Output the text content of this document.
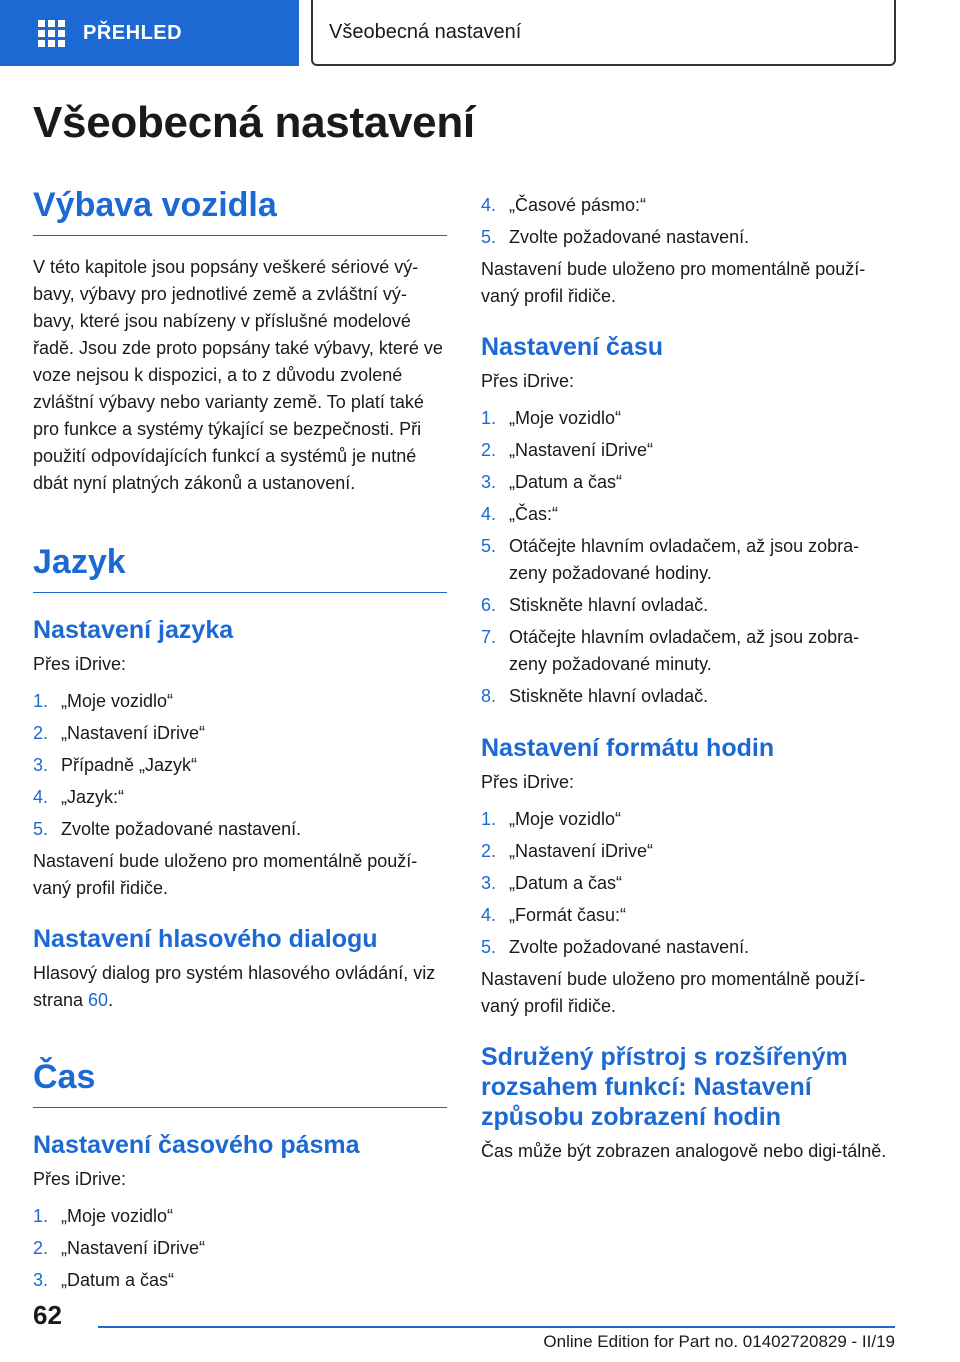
PŘEHLED	Všeobecná nastavení
Všeobecná nastavení
Výbava vozidla

V této kapitole jsou popsány veškeré sériové vý-bavy, výbavy pro jednotlivé země a zvláštní vý-bavy, které jsou nabízeny v příslušné modelové řadě. Jsou zde proto popsány také výbavy, které ve voze nejsou k dispozici, a to z důvodu zvolené zvláštní výbavy nebo varianty země. To platí také pro funkce a systémy týkající se bezpečnosti. Při použití odpovídajících funkcí a systémů je nutné dbát nyní platných zákonů a ustanovení.

Jazyk
Nastavení jazyka

Přes iDrive:

1. „Moje vozidlo“
2. „Nastavení iDrive“
3. Případně „Jazyk“
4. „Jazyk:“
5. Zvolte požadované nastavení.

Nastavení bude uloženo pro momentálně použí-vaný profil řidiče.

Nastavení hlasového dialogu

Hlasový dialog pro systém hlasového ovládání, viz strana 60.

Čas
Nastavení časového pásma

Přes iDrive:

1. „Moje vozidlo“
2. „Nastavení iDrive“
3. „Datum a čas“
4. „Časové pásmo:“
5. Zvolte požadované nastavení.

Nastavení bude uloženo pro momentálně použí-vaný profil řidiče.

Nastavení času

Přes iDrive:

1. „Moje vozidlo“
2. „Nastavení iDrive“
3. „Datum a čas“
4. „Čas:“
5. Otáčejte hlavním ovladačem, až jsou zobra-zeny požadované hodiny.
6. Stiskněte hlavní ovladač.
7. Otáčejte hlavním ovladačem, až jsou zobra-zeny požadované minuty.
8. Stiskněte hlavní ovladač.
Nastavení formátu hodin

Přes iDrive:

1. „Moje vozidlo“
2. „Nastavení iDrive“
3. „Datum a čas“
4. „Formát času:“
5. Zvolte požadované nastavení.

Nastavení bude uloženo pro momentálně použí-vaný profil řidiče.

Sdružený přístroj s rozšířeným rozsahem funkcí: Nastavení způsobu zobrazení hodin

Čas může být zobrazen analogově nebo digi-tálně.

62
Online Edition for Part no. 01402720829 - II/19
